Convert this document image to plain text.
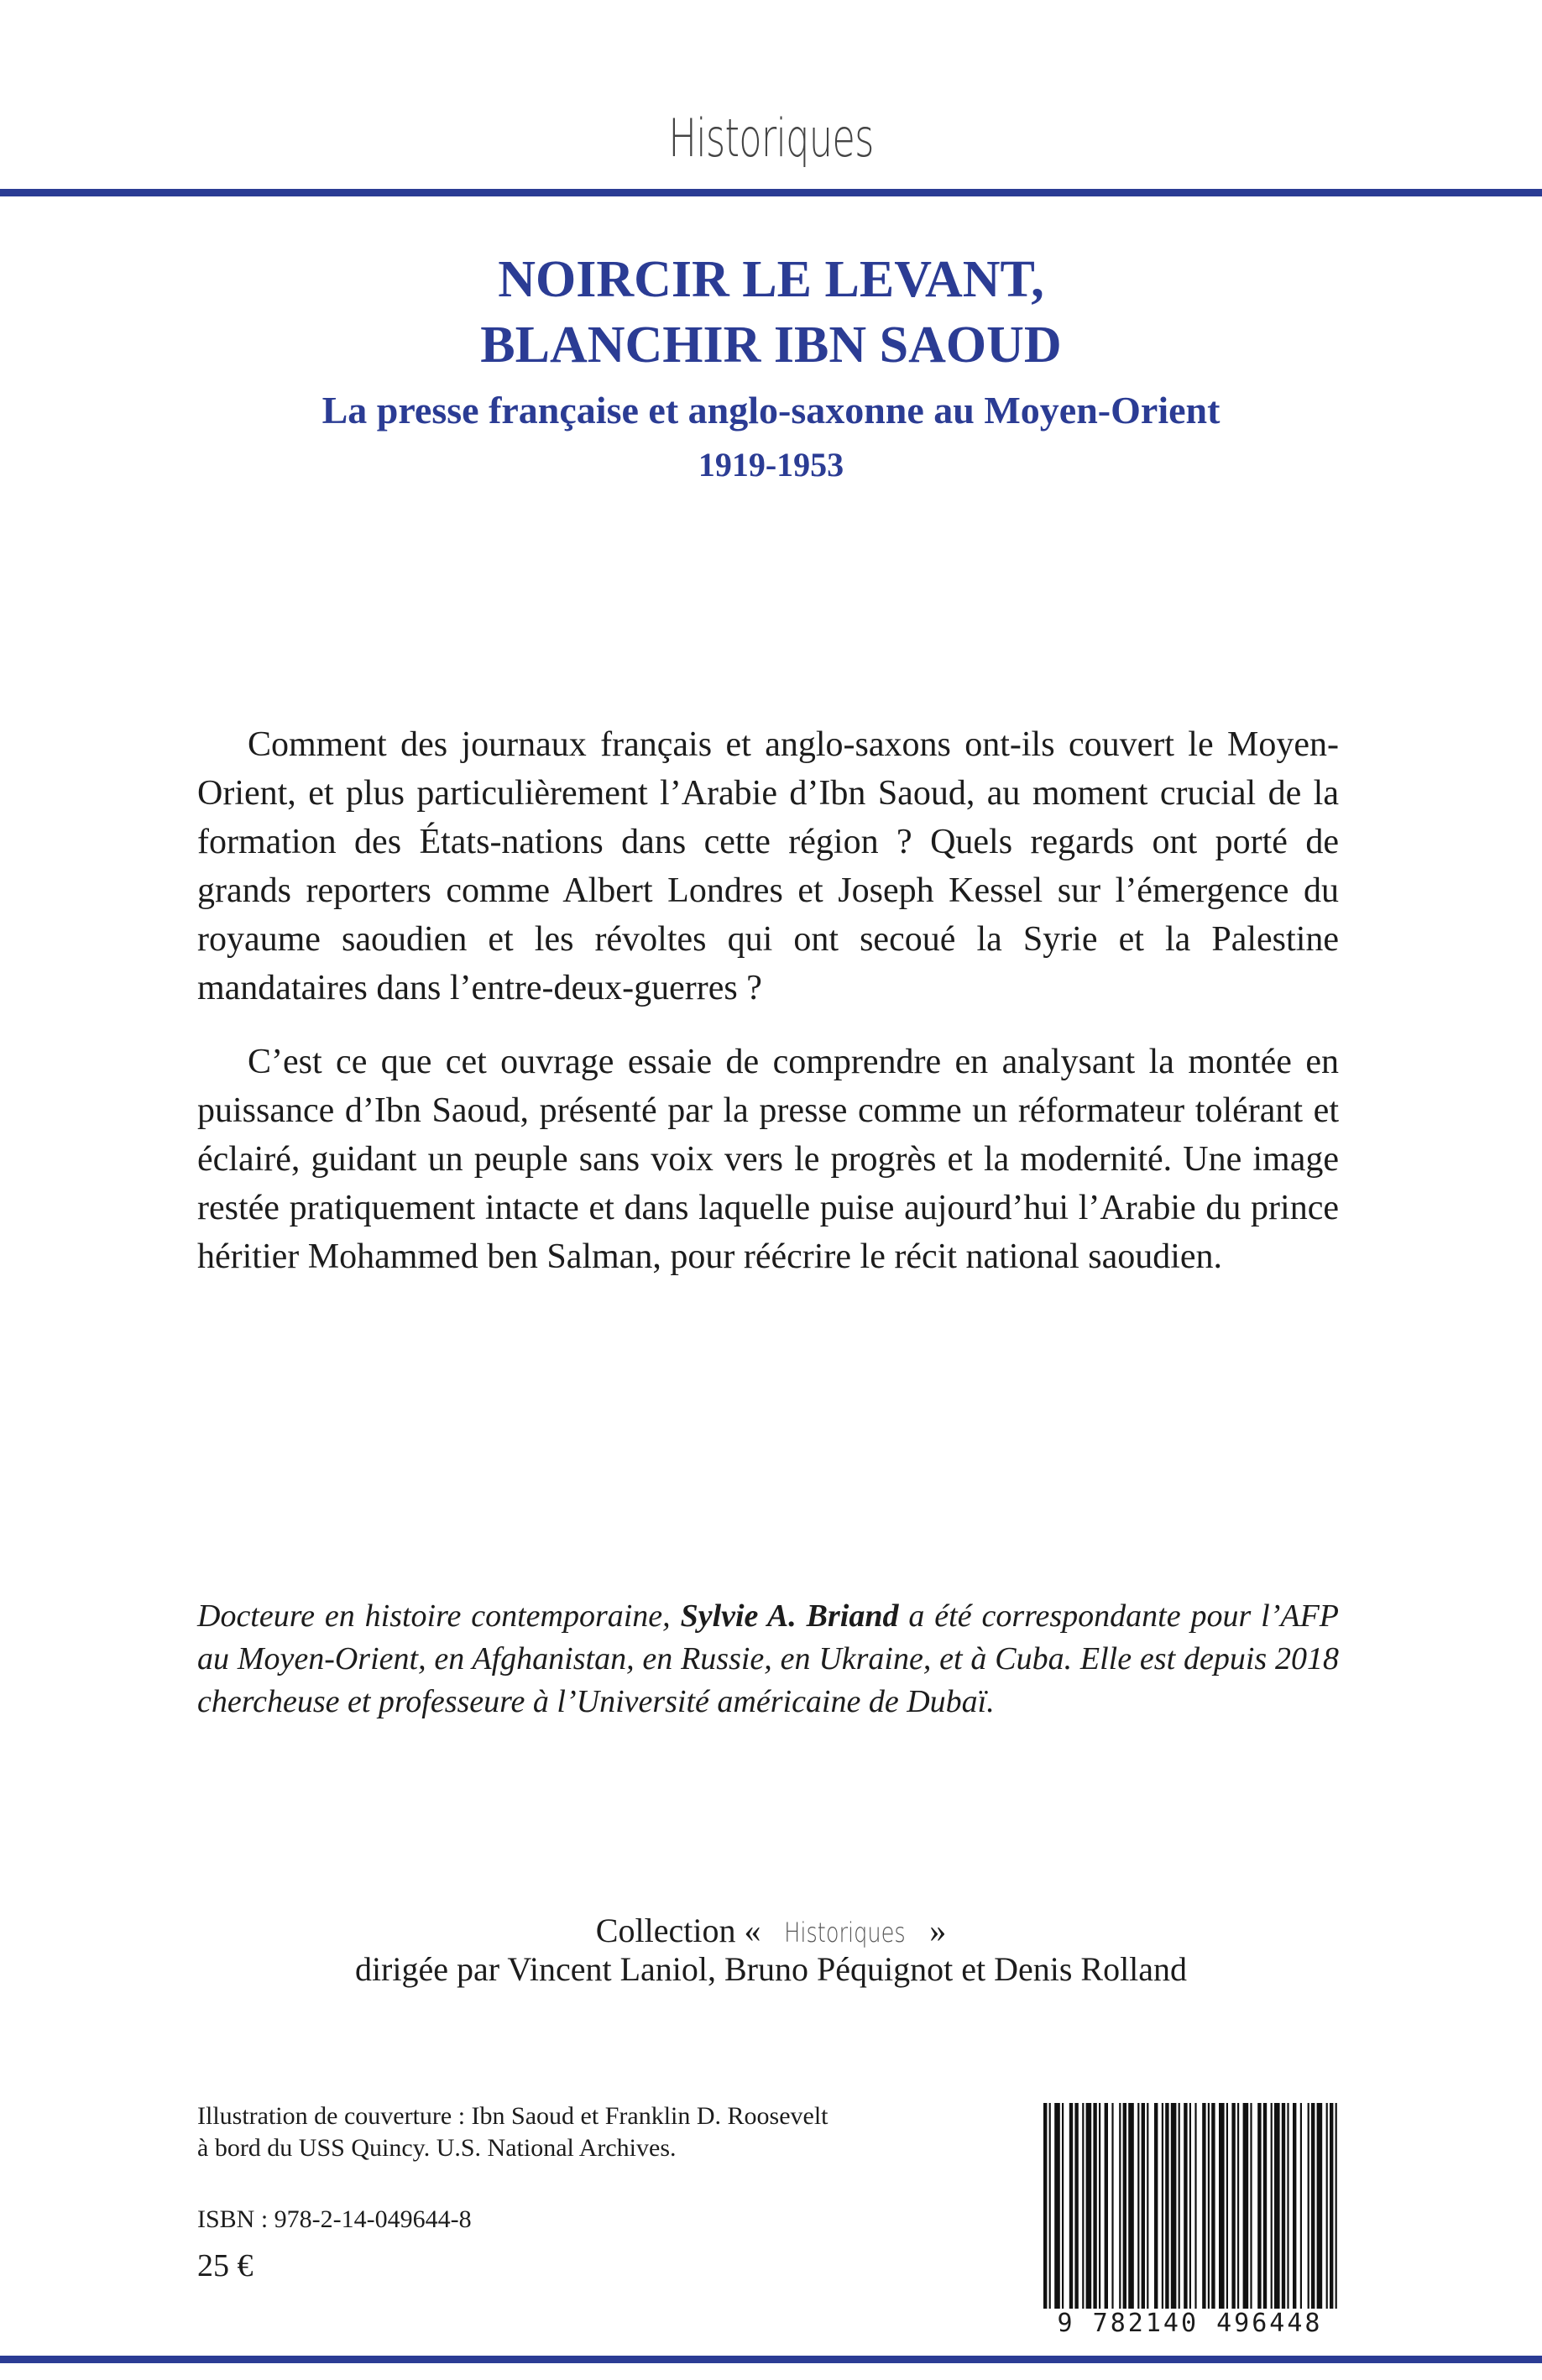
Historiques
NOIRCIR LE LEVANT,
BLANCHIR IBN SAOUD
La presse française et anglo-saxonne au Moyen-Orient
1919-1953

Comment des journaux français et anglo-saxons ont-ils couvert le Moyen-Orient, et plus particulièrement l’Arabie d’Ibn Saoud, au moment crucial de la formation des États-nations dans cette région ? Quels regards ont porté de grands reporters comme Albert Londres et Joseph Kessel sur l’émergence du royaume saoudien et les révoltes qui ont secoué la Syrie et la Palestine mandataires dans l’entre-deux-guerres ?

C’est ce que cet ouvrage essaie de comprendre en analysant la montée en puissance d’Ibn Saoud, présenté par la presse comme un réformateur tolérant et éclairé, guidant un peuple sans voix vers le progrès et la modernité. Une image restée pratiquement intacte et dans laquelle puise aujourd’hui l’Arabie du prince héritier Mohammed ben Salman, pour réécrire le récit national saoudien.

Docteure en histoire contemporaine, Sylvie A. Briand a été correspondante pour l’AFP au Moyen-Orient, en Afghanistan, en Russie, en Ukraine, et à Cuba. Elle est depuis 2018 chercheuse et professeure à l’Université américaine de Dubaï.

Collection « Historiques »
dirigée par Vincent Laniol, Bruno Péquignot et Denis Rolland
Illustration de couverture : Ibn Saoud et Franklin D. Roosevelt
à bord du USS Quincy. U.S. National Archives.
ISBN : 978-2-14-049644-8
25 €
9 782140 496448
